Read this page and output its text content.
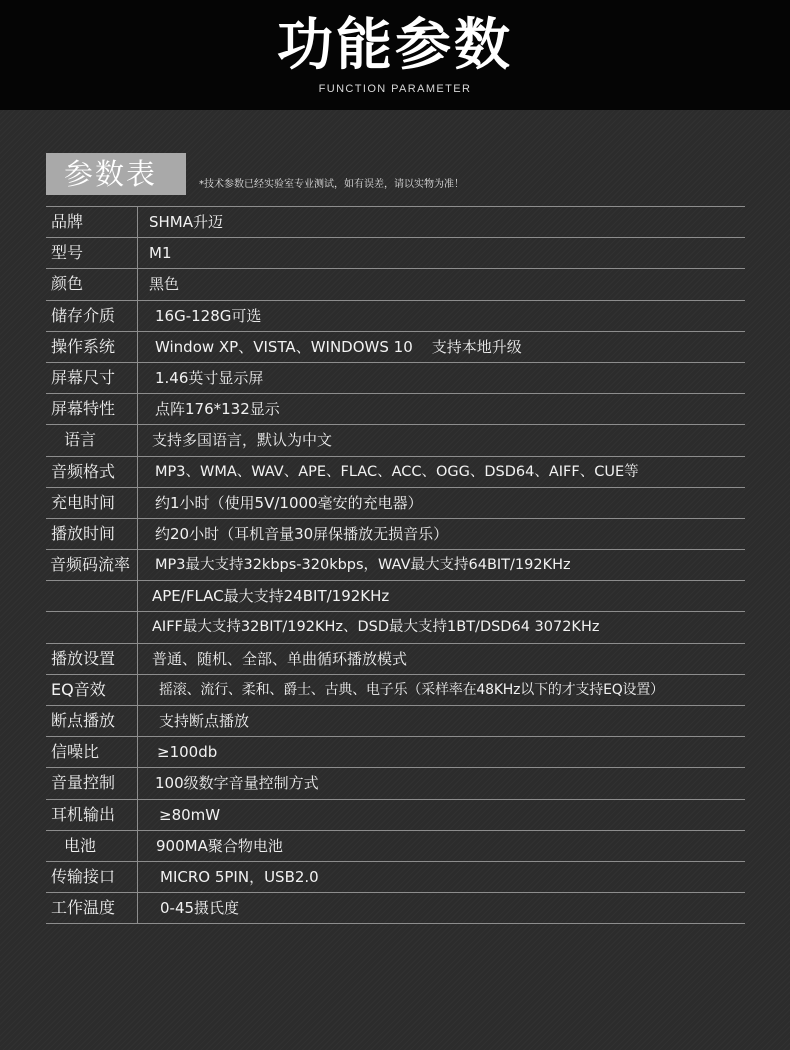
功能参数
FUNCTION PARAMETER
参数表	*技术参数已经实验室专业测试，如有误差，请以实物为准！
品牌	SHMA升迈
型号	M1
颜色	黑色
储存介质	16G-128G可选
操作系统	Window XP、VISTA、WINDOWS 10    支持本地升级
屏幕尺寸	1.46英寸显示屏
屏幕特性	点阵176*132显示
语言	支持多国语言，默认为中文
音频格式	MP3、WMA、WAV、APE、FLAC、ACC、OGG、DSD64、AIFF、CUE等
充电时间	约1小时（使用5V/1000毫安的充电器）
播放时间	约20小时（耳机音量30屏保播放无损音乐）
音频码流率	MP3最大支持32kbps-320kbps，WAV最大支持64BIT/192KHz
APE/FLAC最大支持24BIT/192KHz
AIFF最大支持32BIT/192KHz、DSD最大支持1BT/DSD64 3072KHz
播放设置	普通、随机、全部、单曲循环播放模式
EQ音效	摇滚、流行、柔和、爵士、古典、电子乐（采样率在48KHz以下的才支持EQ设置）
断点播放	支持断点播放
信噪比	≥100db
音量控制	100级数字音量控制方式
耳机输出	≥80mW
电池	900MA聚合物电池
传输接口	MICRO 5PIN，USB2.0
工作温度	0-45摄氏度
